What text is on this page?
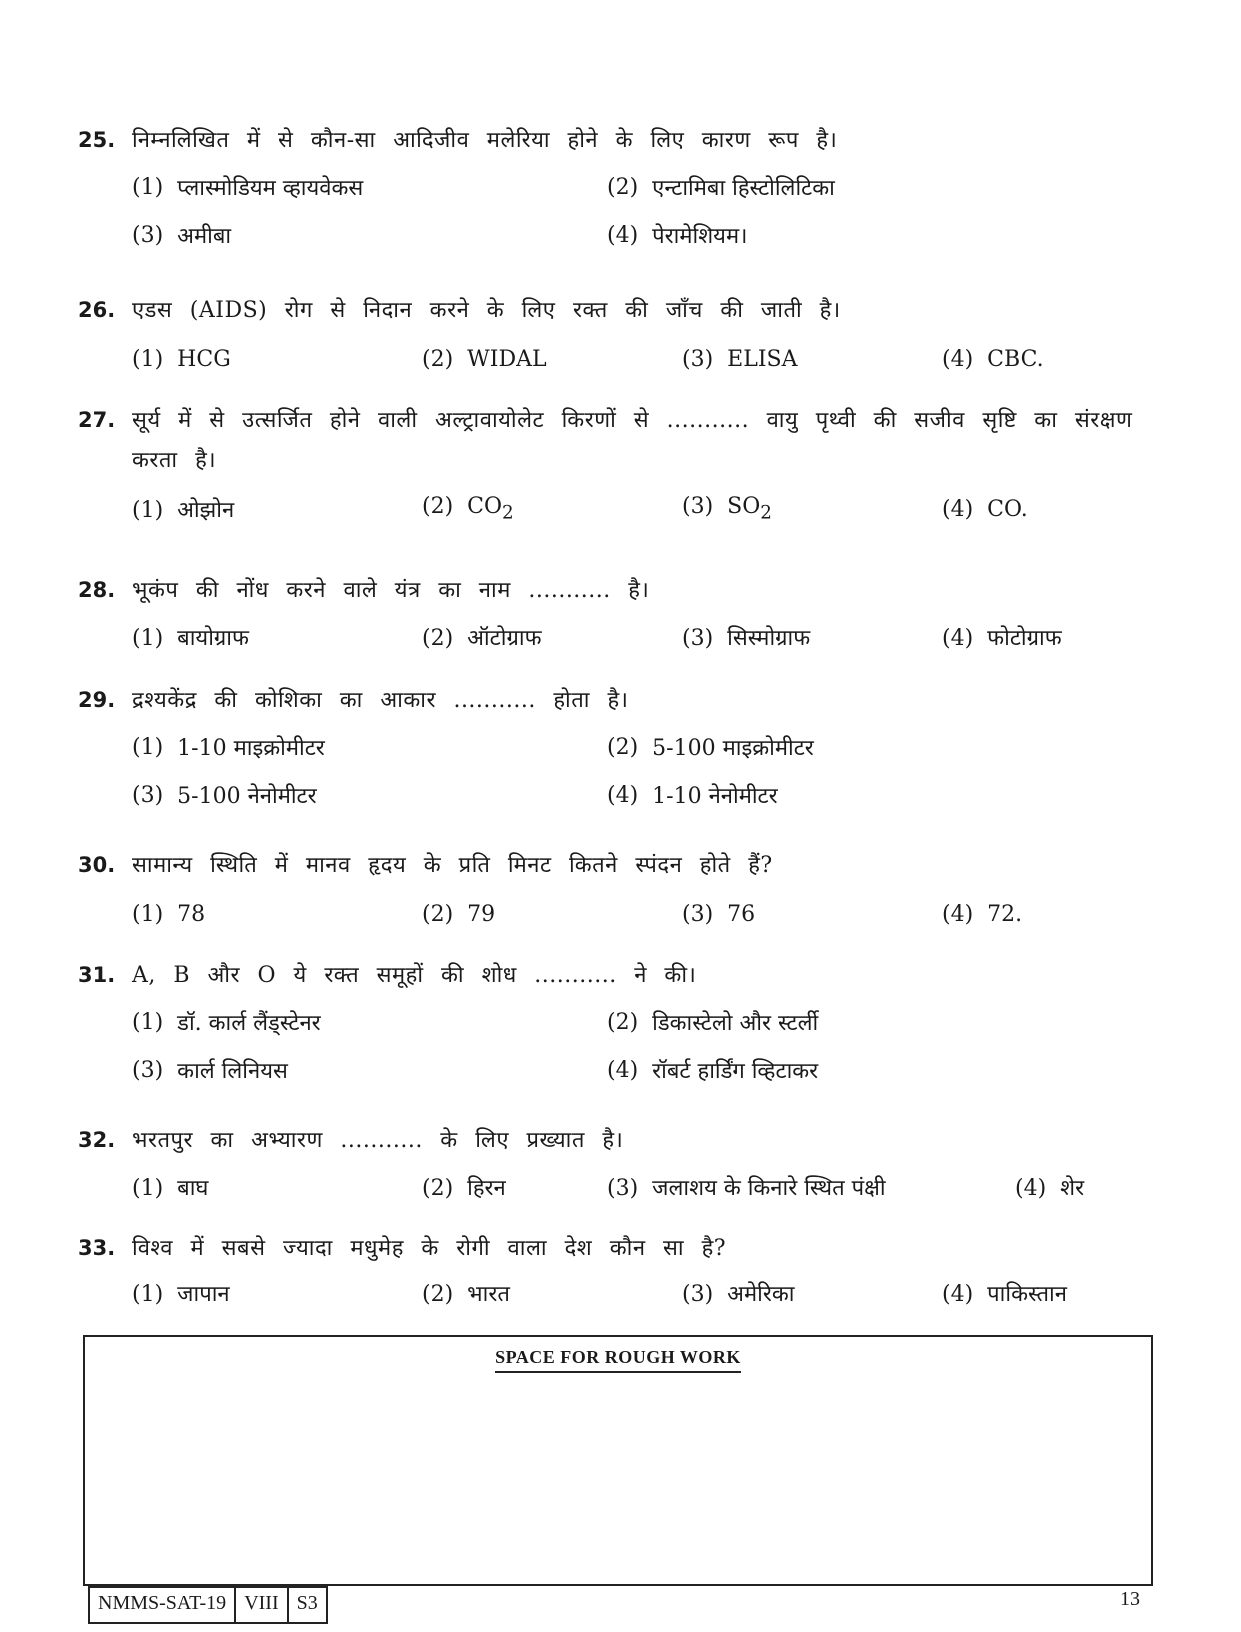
25. निम्नलिखित में से कौन-सा आदिजीव मलेरिया होने के लिए कारण रूप है।
(1) प्लास्मोडियम व्हायवेकस	(2) एन्टामिबा हिस्टोलिटिका
(3) अमीबा	(4) पेरामेशियम।
26. एडस (AIDS) रोग से निदान करने के लिए रक्त की जाँच की जाती है।
(1) HCG	(2) WIDAL	(3) ELISA	(4) CBC.
27. सूर्य में से उत्सर्जित होने वाली अल्ट्रावायोलेट किरणों से ........... वायु पृथ्वी की सजीव सृष्टि का संरक्षण करता है।
(1) ओझोन	(2) $CO_2$	(3) $SO_2$	(4) CO.
28. भूकंप की नोंध करने वाले यंत्र का नाम ........... है।
(1) बायोग्राफ	(2) ऑटोग्राफ	(3) सिस्मोग्राफ	(4) फोटोग्राफ
29. द्रश्यकेंद्र की कोशिका का आकार ........... होता है।
(1) 1-10 माइक्रोमीटर	(2) 5-100 माइक्रोमीटर
(3) 5-100 नेनोमीटर	(4) 1-10 नेनोमीटर
30. सामान्य स्थिति में मानव हृदय के प्रति मिनट कितने स्पंदन होते हैं?
(1) 78	(2) 79	(3) 76	(4) 72.
31. A, B और O ये रक्त समूहों की शोध ........... ने की।
(1) डॉ. कार्ल लैंड्स्टेनर	(2) डिकास्टेलो और स्टर्ली
(3) कार्ल लिनियस	(4) रॉबर्ट हार्डिंग व्हिटाकर
32. भरतपुर का अभ्यारण ........... के लिए प्रख्यात है।
(1) बाघ	(2) हिरन	(3) जलाशय के किनारे स्थित पंक्षी	(4) शेर
33. विश्व में सबसे ज्यादा मधुमेह के रोगी वाला देश कौन सा है?
(1) जापान	(2) भारत	(3) अमेरिका	(4) पाकिस्तान
SPACE FOR ROUGH WORK
NMMS-SAT-19 VIII S3	13
